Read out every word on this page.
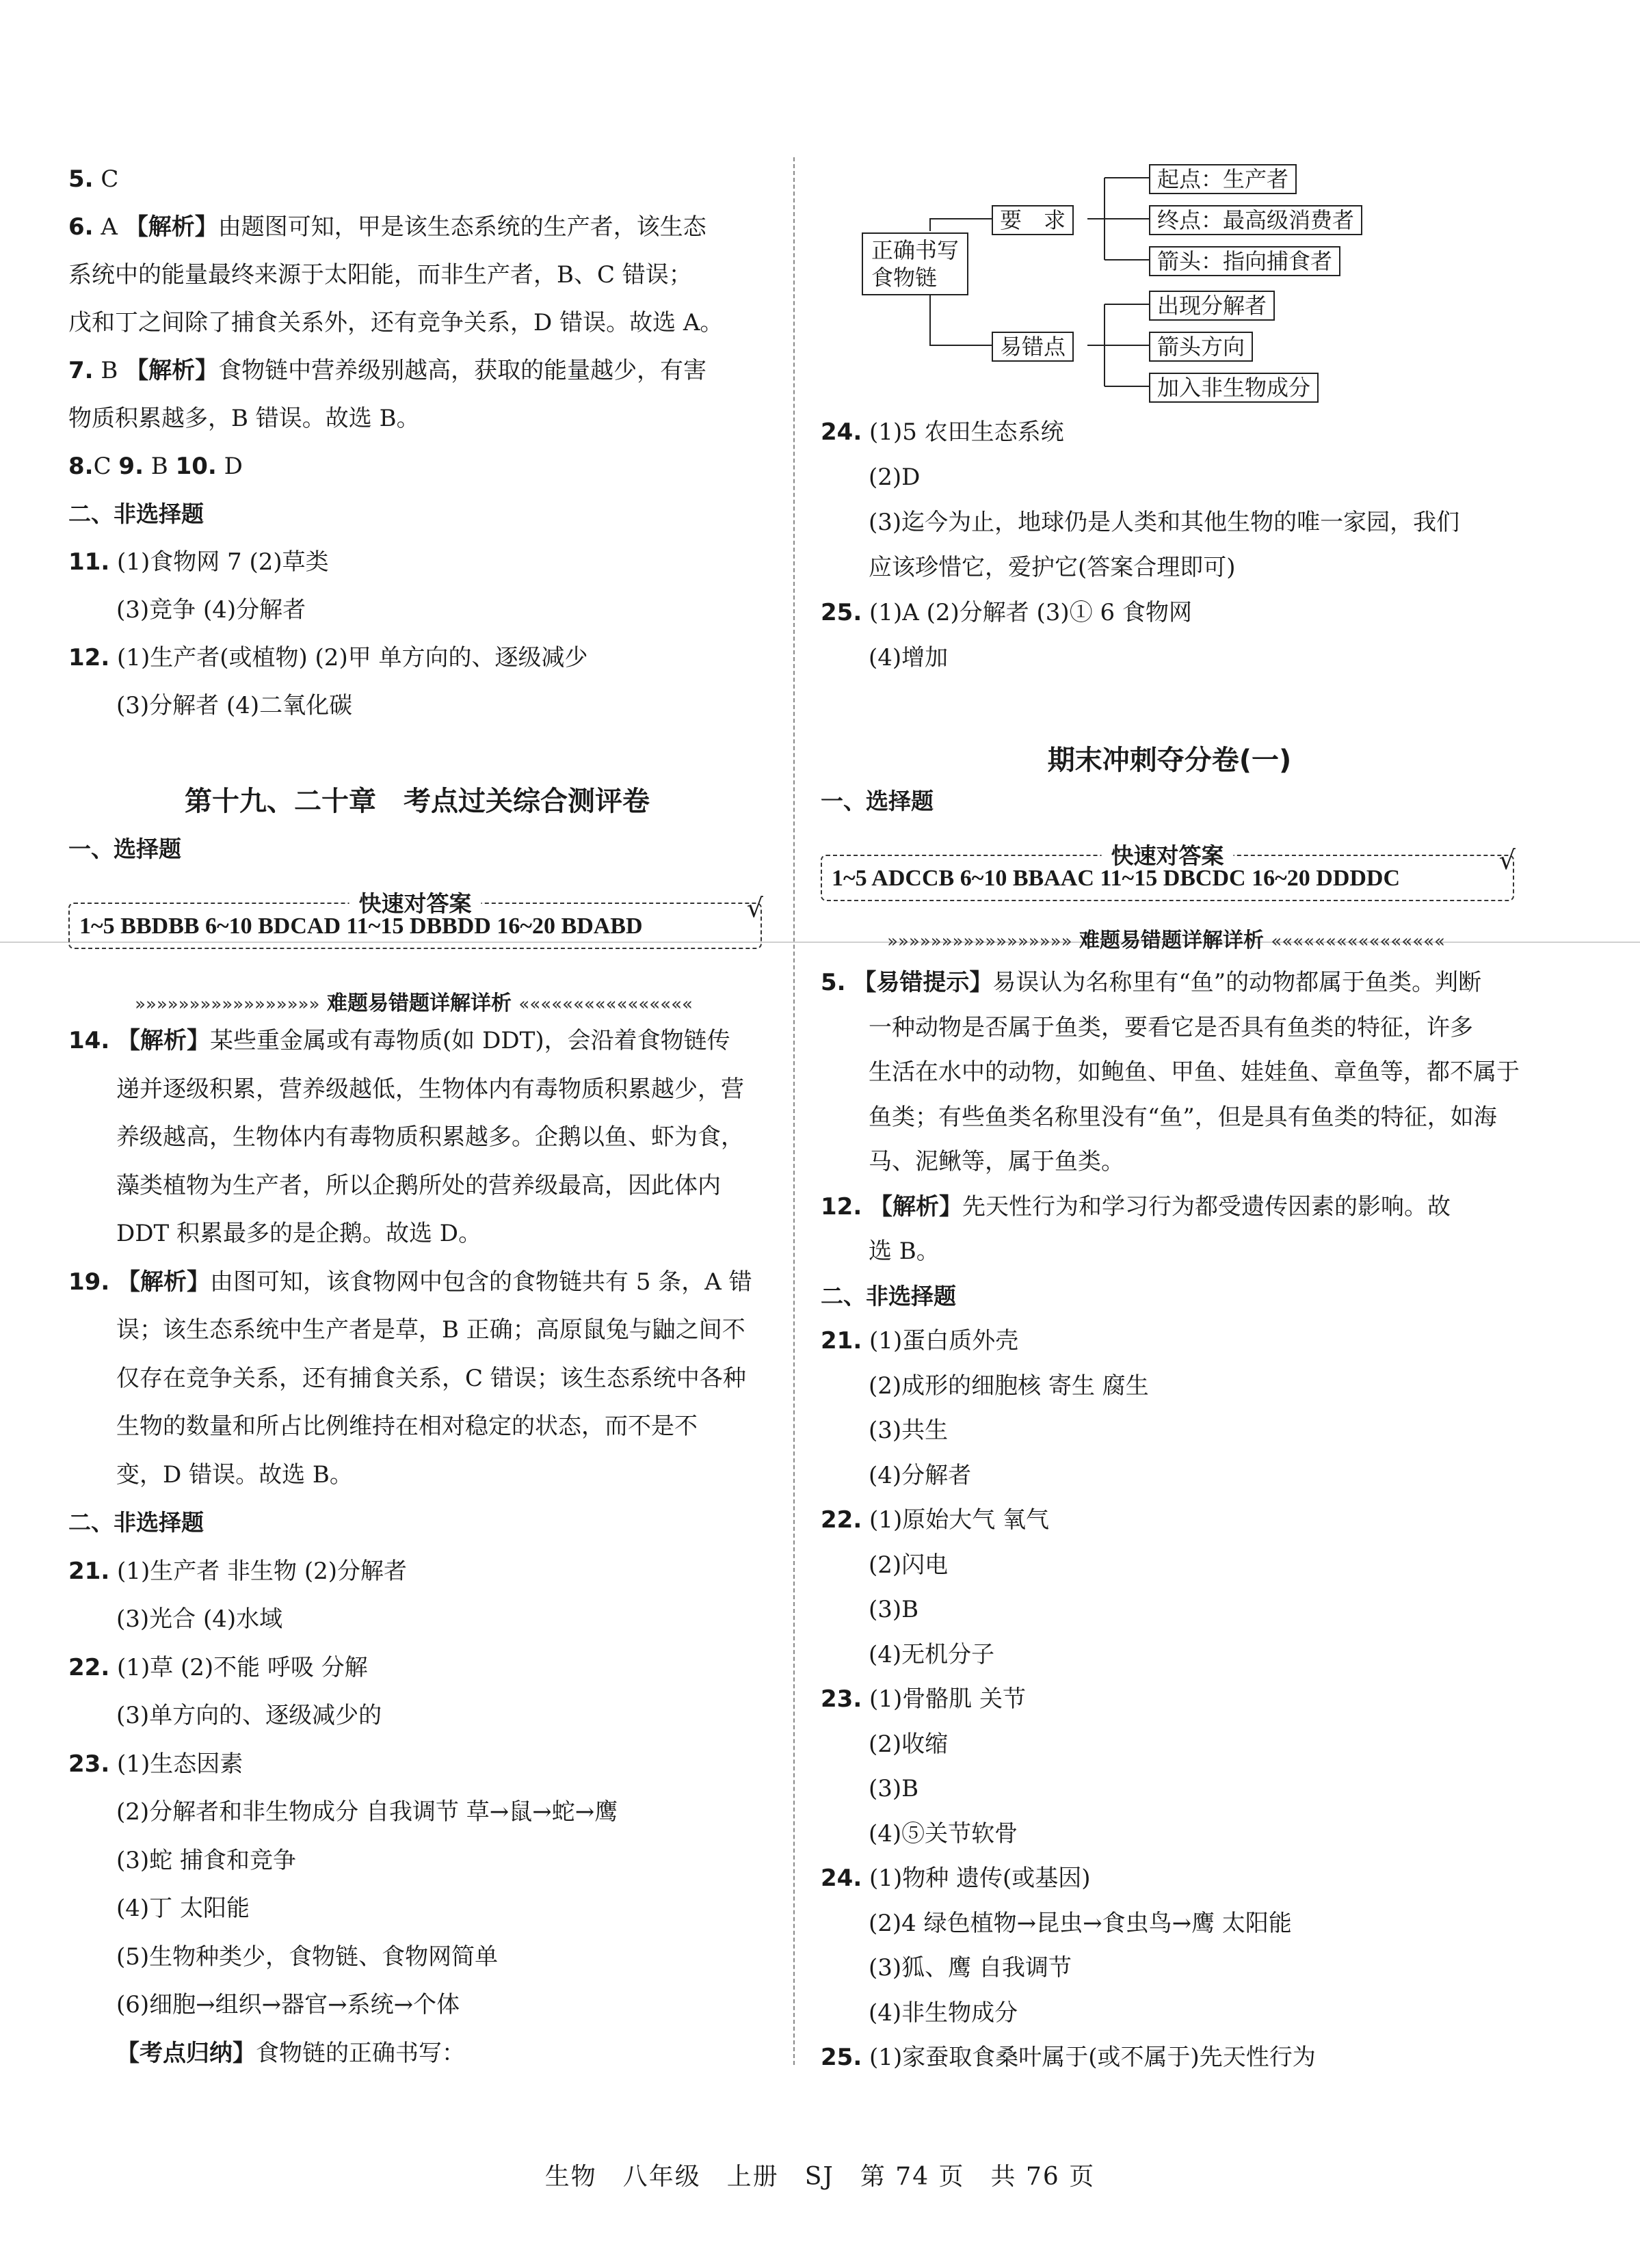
5. C
6. A 【解析】由题图可知，甲是该生态系统的生产者，该生态
系统中的能量最终来源于太阳能，而非生产者，B、C 错误；
戊和丁之间除了捕食关系外，还有竞争关系，D 错误。故选 A。
7. B 【解析】食物链中营养级别越高，获取的能量越少，有害
物质积累越多，B 错误。故选 B。
8.C 9. B 10. D
二、非选择题
11. (1)食物网 7 (2)草类
(3)竞争 (4)分解者
12. (1)生产者(或植物) (2)甲 单方向的、逐级减少
(3)分解者 (4)二氧化碳
第十九、二十章　考点过关综合测评卷
一、选择题
快速对答案
1~5 BBDBB 6~10 BDCAD 11~15 DBBDD 16~20 BDABD
√
»»»»»»»»»»»»»»»»» 难题易错题详解详析 ««««««««««««««««
14. 【解析】某些重金属或有毒物质(如 DDT)，会沿着食物链传
递并逐级积累，营养级越低，生物体内有毒物质积累越少，营
养级越高，生物体内有毒物质积累越多。企鹅以鱼、虾为食，
藻类植物为生产者，所以企鹅所处的营养级最高，因此体内
DDT 积累最多的是企鹅。故选 D。
19. 【解析】由图可知，该食物网中包含的食物链共有 5 条，A 错
误；该生态系统中生产者是草，B 正确；高原鼠兔与鼬之间不
仅存在竞争关系，还有捕食关系，C 错误；该生态系统中各种
生物的数量和所占比例维持在相对稳定的状态，而不是不
变，D 错误。故选 B。
二、非选择题
21. (1)生产者 非生物 (2)分解者
(3)光合 (4)水域
22. (1)草 (2)不能 呼吸 分解
(3)单方向的、逐级减少的
23. (1)生态因素
(2)分解者和非生物成分 自我调节 草→鼠→蛇→鹰
(3)蛇 捕食和竞争
(4)丁 太阳能
(5)生物种类少，食物链、食物网简单
(6)细胞→组织→器官→系统→个体
【考点归纳】食物链的正确书写：
正确书写
食物链
要　求
易错点
起点：生产者
终点：最高级消费者
箭头：指向捕食者
出现分解者
箭头方向
加入非生物成分
24. (1)5 农田生态系统
(2)D
(3)迄今为止，地球仍是人类和其他生物的唯一家园，我们
应该珍惜它，爱护它(答案合理即可)
25. (1)A (2)分解者 (3)① 6 食物网
(4)增加
期末冲刺夺分卷(一)
一、选择题
快速对答案
1~5 ADCCB 6~10 BBAAC 11~15 DBCDC 16~20 DDDDC
√
»»»»»»»»»»»»»»»»» 难题易错题详解详析 ««««««««««««««««
5. 【易错提示】易误认为名称里有“鱼”的动物都属于鱼类。判断
一种动物是否属于鱼类，要看它是否具有鱼类的特征，许多
生活在水中的动物，如鲍鱼、甲鱼、娃娃鱼、章鱼等，都不属于
鱼类；有些鱼类名称里没有“鱼”，但是具有鱼类的特征，如海
马、泥鳅等，属于鱼类。
12. 【解析】先天性行为和学习行为都受遗传因素的影响。故
选 B。
二、非选择题
21. (1)蛋白质外壳
(2)成形的细胞核 寄生 腐生
(3)共生
(4)分解者
22. (1)原始大气 氧气
(2)闪电
(3)B
(4)无机分子
23. (1)骨骼肌 关节
(2)收缩
(3)B
(4)⑤关节软骨
24. (1)物种 遗传(或基因)
(2)4 绿色植物→昆虫→食虫鸟→鹰 太阳能
(3)狐、鹰 自我调节
(4)非生物成分
25. (1)家蚕取食桑叶属于(或不属于)先天性行为
生物　八年级　上册　SJ　第 74 页　共 76 页
